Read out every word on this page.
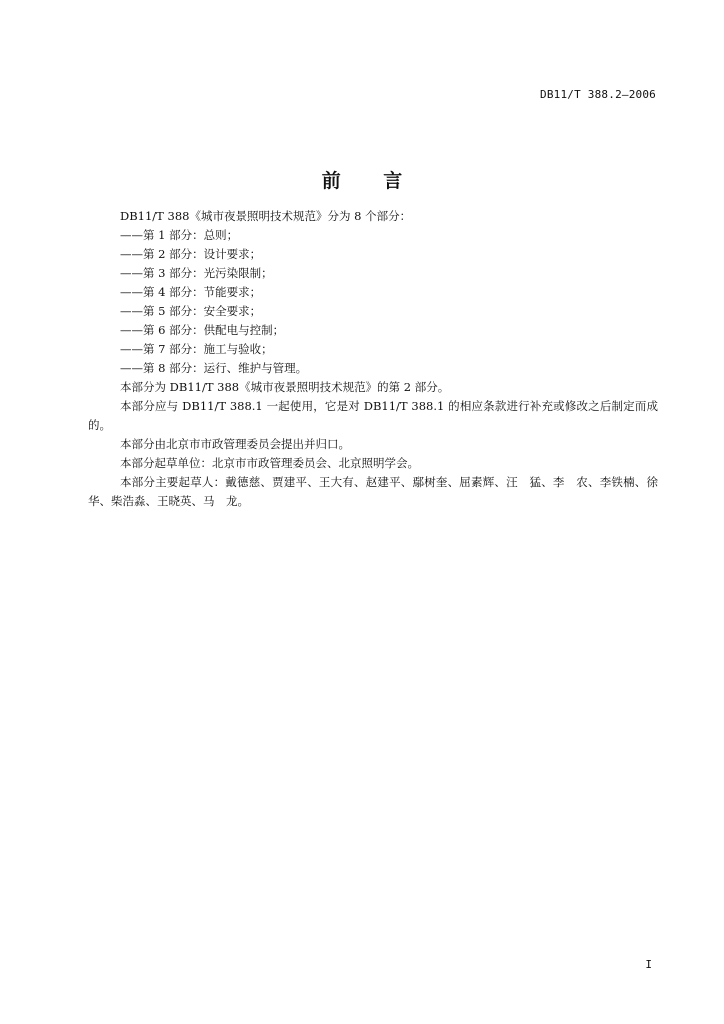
DB11/T 388.2—2006
前 言

DB11/T 388《城市夜景照明技术规范》分为 8 个部分：

——第 1 部分：总则；

——第 2 部分：设计要求；

——第 3 部分：光污染限制；

——第 4 部分：节能要求；

——第 5 部分：安全要求；

——第 6 部分：供配电与控制；

——第 7 部分：施工与验收；

——第 8 部分：运行、维护与管理。

本部分为 DB11/T 388《城市夜景照明技术规范》的第 2 部分。

本部分应与 DB11/T 388.1 一起使用，它是对 DB11/T 388.1 的相应条款进行补充或修改之后制定而成的。

本部分由北京市市政管理委员会提出并归口。

本部分起草单位：北京市市政管理委员会、北京照明学会。

本部分主要起草人：戴德慈、贾建平、王大有、赵建平、鄢树奎、屈素辉、汪　猛、李　农、李铁楠、徐　华、柴浩淼、王晓英、马　龙。

I
